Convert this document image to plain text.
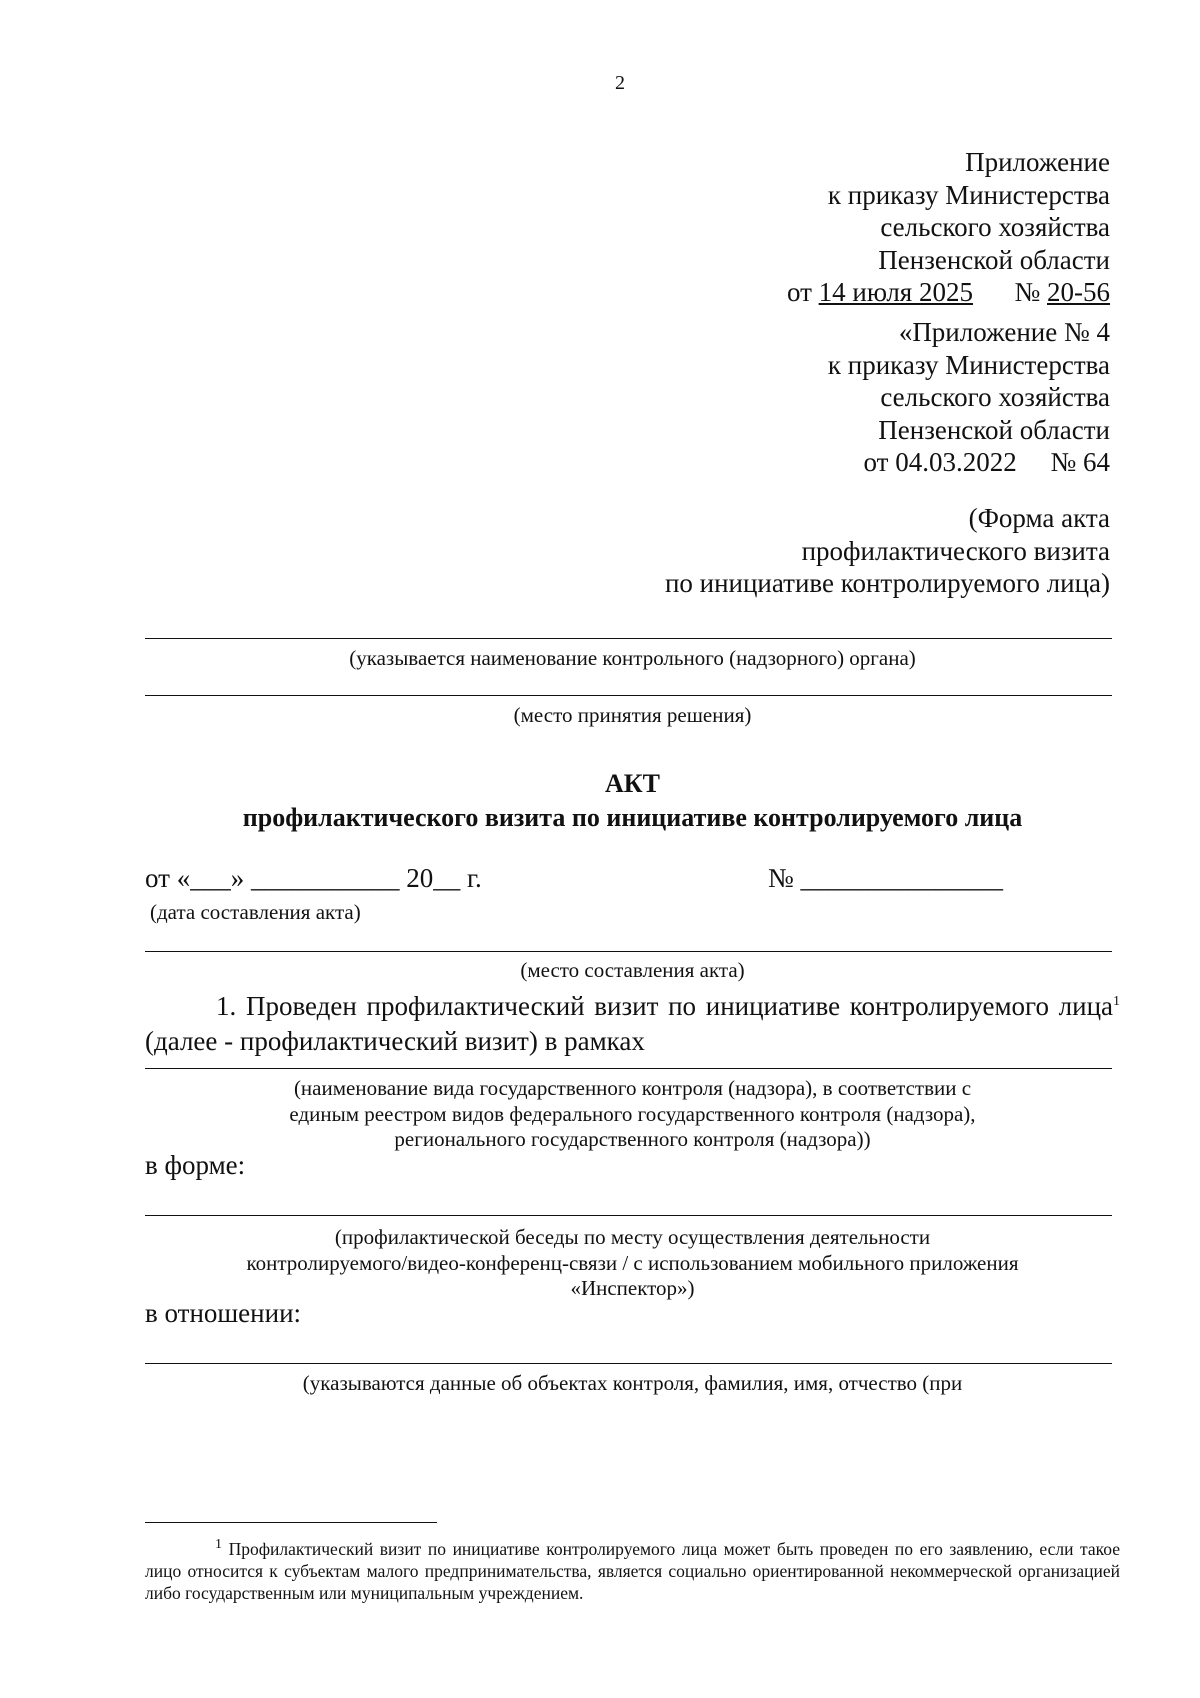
2
Приложение
к приказу Министерства
сельского хозяйства
Пензенской области
от 14 июля 2025 № 20-56
«Приложение № 4
к приказу Министерства
сельского хозяйства
Пензенской области
от 04.03.2022     № 64
(Форма акта
профилактического визита
по инициативе контролируемого лица)
(указывается наименование контрольного (надзорного) органа)
(место принятия решения)
АКТ
профилактического визита по инициативе контролируемого лица
от «___» ___________ 20__ г.	№ _______________
(дата составления акта)
(место составления акта)
1. Проведен профилактический визит по инициативе контролируемого лица$^1$ (далее - профилактический визит) в рамках
(наименование вида государственного контроля (надзора), в соответствии с
единым реестром видов федерального государственного контроля (надзора),
регионального государственного контроля (надзора))
в форме:
(профилактической беседы по месту осуществления деятельности
контролируемого/видео-конференц-связи / с использованием мобильного приложения
«Инспектор»)
в отношении:
(указываются данные об объектах контроля, фамилия, имя, отчество (при
$^1$ Профилактический визит по инициативе контролируемого лица может быть проведен по его заявлению, если такое лицо относится к субъектам малого предпринимательства, является социально ориентированной некоммерческой организацией либо государственным или муниципальным учреждением.
